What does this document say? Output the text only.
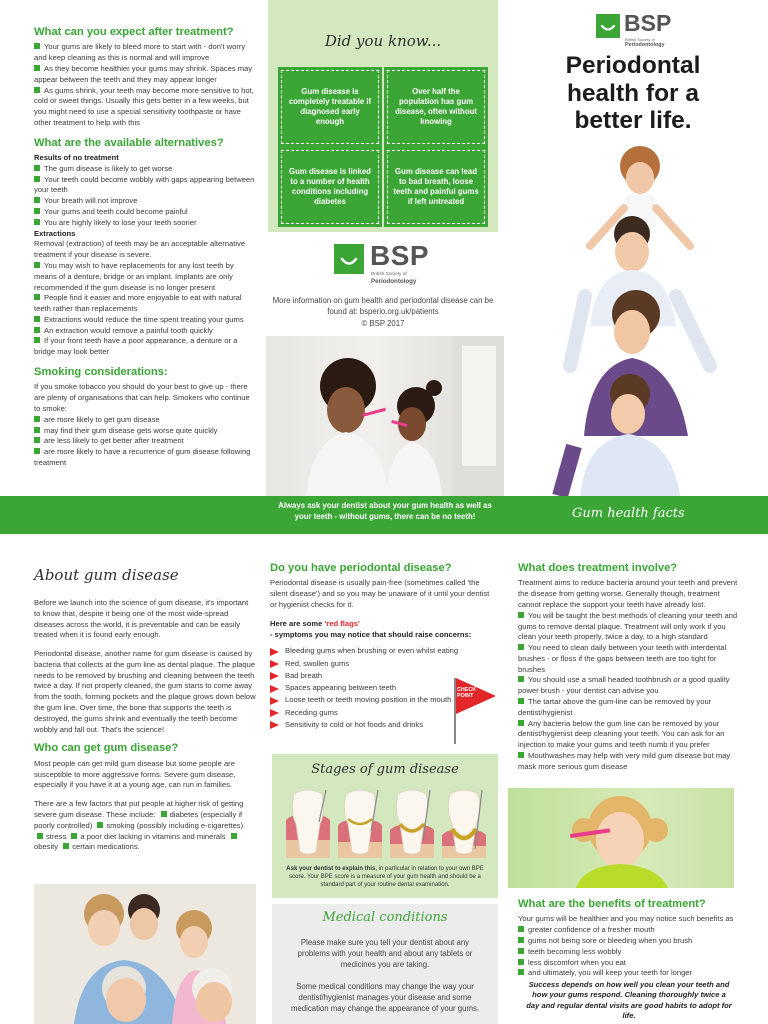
What can you expect after treatment?
Your gums are likely to bleed more to start with - don't worry and keep cleaning as this is normal and will improve
As they become healthier your gums may shrink. Spaces may appear between the teeth and they may appear longer
As gums shrink, your teeth may become more sensitive to hot, cold or sweet things. Usually this gets better in a few weeks, but you might need to use a special sensitivity toothpaste or have other treatment to help with this
What are the available alternatives?
Results of no treatment
The gum disease is likely to get worse
Your teeth could become wobbly with gaps appearing between your teeth
Your breath will not improve
Your gums and teeth could become painful
You are highly likely to lose your teeth sooner
Extractions
Removal (extraction) of teeth may be an acceptable alternative treatment if your disease is severe.
You may wish to have replacements for any lost teeth by means of a denture, bridge or an implant. Implants are only recommended if the gum disease is no longer present
People find it easier and more enjoyable to eat with natural teeth rather than replacements
Extractions would reduce the time spent treating your gums
An extraction would remove a painful tooth quickly
If your front teeth have a poor appearance, a denture or a bridge may look better
Smoking considerations:
If you smoke tobacco you should do your best to give up - there are plenty of organisations that can help. Smokers who continue to smoke:
are more likely to get gum disease
may find their gum disease gets worse quite quickly
are less likely to get better after treatment
are more likely to have a recurrence of gum disease following treatment
Did you know...
Gum disease is completely treatable if diagnosed early enough
Over half the population has gum disease, often without knowing
Gum disease is linked to a number of health conditions including diabetes
Gum disease can lead to bad breath, loose teeth and painful gums if left untreated
BSP
British Society of
Periodontology
More information on gum health and periodontal disease can be found at: bsperio.org.uk/patients
© BSP 2017
BSP
British Society of
Periodontology
Periodontal
health for a
better life.
Always ask your dentist about your gum health as well as your teeth - without gums, there can be no teeth!	Gum health facts
About gum disease
Before we launch into the science of gum disease, it's important to know that, despite it being one of the most wide-spread diseases across the world, it is preventable and can be easily treated when it is found early enough.
Periodontal disease, another name for gum disease is caused by bacteria that collects at the gum line as dental plaque. The plaque needs to be removed by brushing and cleaning between the teeth twice a day. If not properly cleaned, the gum starts to come away from the tooth, forming pockets and the plaque grows down below the gum line. Over time, the bone that supports the teeth is destroyed, the gums shrink and eventually the teeth become wobbly and fall out. That's the science!
Who can get gum disease?
Most people can get mild gum disease but some people are susceptible to more aggressive forms. Severe gum disease, especially if you have it at a young age, can run in families.
There are a few factors that put people at higher risk of getting severe gum disease. These include: diabetes (especially if poorly controlled) smoking (possibly including e-cigarettes) stress a poor diet lacking in vitamins and minerals obesity certain medications.
Do you have periodontal disease?
Periodontal disease is usually pain-free (sometimes called 'the silent disease') and so you may be unaware of it until your dentist or hygienist checks for it.
Here are some 'red flags'
- symptoms you may notice that should raise concerns:
Bleeding gums when brushing or even whilst eating
Red, swollen gums
Bad breath
Spaces appearing between teeth
Loose teeth or teeth moving position in the mouth
Receding gums
Sensitivity to cold or hot foods and drinks
CHECK
POINT
Stages of gum disease
Ask your dentist to explain this, in particular in relation to your own BPE score. Your BPE score is a measure of your gum health and should be a standard part of your routine dental examination.
Medical conditions
Please make sure you tell your dentist about any problems with your health and about any tablets or medicines you are taking.
Some medical conditions may change the way your dentist/hygienist manages your disease and some medication may change the appearance of your gums.
What does treatment involve?
Treatment aims to reduce bacteria around your teeth and prevent the disease from getting worse. Generally though, treatment cannot replace the support your teeth have already lost.
You will be taught the best methods of cleaning your teeth and gums to remove dental plaque. Treatment will only work if you clean your teeth properly, twice a day, to a high standard
You need to clean daily between your teeth with interdental brushes - or floss if the gaps between teeth are too tight for brushes
You should use a small headed toothbrush or a good quality power brush - your dentist can advise you
The tartar above the gum-line can be removed by your dentist/hygienist
Any bacteria below the gum line can be removed by your dentist/hygienist deep cleaning your teeth. You can ask for an injection to make your gums and teeth numb if you prefer
Mouthwashes may help with very mild gum disease but may mask more serious gum disease
What are the benefits of treatment?
Your gums will be healthier and you may notice such benefits as
greater confidence of a fresher mouth
gums not being sore or bleeding when you brush
teeth becoming less wobbly
less discomfort when you eat
and ultimately, you will keep your teeth for longer
Success depends on how well you clean your teeth and how your gums respond. Cleaning thoroughly twice a day and regular dental visits are good habits to adopt for life.
